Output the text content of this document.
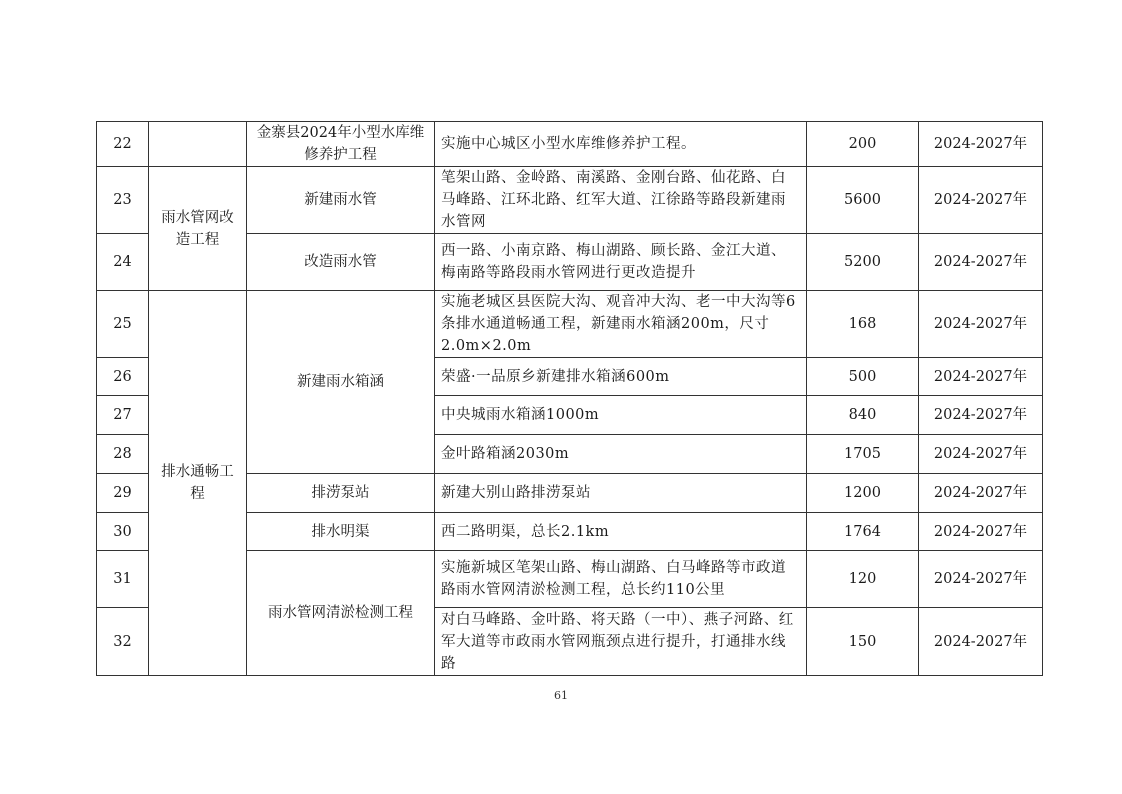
22		金寨县2024年小型水库维修养护工程	实施中心城区小型水库维修养护工程。	200	2024-2027年
23	雨水管网改造工程	新建雨水管	笔架山路、金岭路、南溪路、金刚台路、仙花路、白马峰路、江环北路、红军大道、江徐路等路段新建雨水管网	5600	2024-2027年
24		改造雨水管	西一路、小南京路、梅山湖路、顾长路、金江大道、梅南路等路段雨水管网进行更改造提升	5200	2024-2027年
25	排水通畅工程	新建雨水箱涵	实施老城区县医院大沟、观音冲大沟、老一中大沟等6条排水通道畅通工程，新建雨水箱涵200m，尺寸2.0m×2.0m	168	2024-2027年
26			荣盛·一品原乡新建排水箱涵600m	500	2024-2027年
27			中央城雨水箱涵1000m	840	2024-2027年
28			金叶路箱涵2030m	1705	2024-2027年
29		排涝泵站	新建大别山路排涝泵站	1200	2024-2027年
30		排水明渠	西二路明渠，总长2.1km	1764	2024-2027年
31		雨水管网清淤检测工程	实施新城区笔架山路、梅山湖路、白马峰路等市政道路雨水管网清淤检测工程，总长约110公里	120	2024-2027年
32			对白马峰路、金叶路、将天路（一中）、燕子河路、红军大道等市政雨水管网瓶颈点进行提升，打通排水线路	150	2024-2027年
61
